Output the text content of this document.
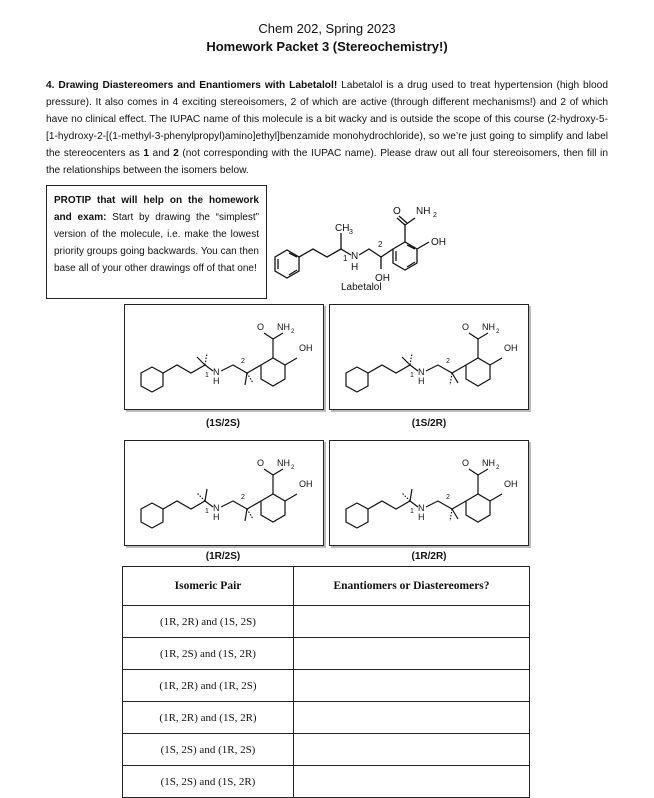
Chem 202, Spring 2023
Homework Packet 3 (Stereochemistry!)
4. Drawing Diastereomers and Enantiomers with Labetalol! Labetalol is a drug used to treat hypertension (high blood pressure). It also comes in 4 exciting stereoisomers, 2 of which are active (through different mechanisms!) and 2 of which have no clinical effect. The IUPAC name of this molecule is a bit wacky and is outside the scope of this course (2-hydroxy-5-[1-hydroxy-2-[(1-methyl-3-phenylpropyl)amino]ethyl]benzamide monohydrochloride), so we’re just going to simplify and label the stereocenters as 1 and 2 (not corresponding with the IUPAC name). Please draw out all four stereoisomers, then fill in the relationships between the isomers below.
PROTIP that will help on the homework and exam: Start by drawing the “simplest” version of the molecule, i.e. make the lowest priority groups going backwards. You can then base all of your other drawings off of that one!
O NH 2
OH
CH 3
N
H
1
2
OH
Labetalol
O NH 2
OH
N
H
1
2
O NH 2
OH
N
H
1
2
O NH 2
OH
N
H
1
2
O NH 2
OH
N
H
1
2
(1S/2S)	(1S/2R)
(1R/2S)	(1R/2R)
Isomeric Pair	Enantiomers or Diastereomers?
(1R, 2R) and (1S, 2S)	
(1R, 2S) and (1S, 2R)	
(1R, 2R) and (1R, 2S)	
(1R, 2R) and (1S, 2R)	
(1S, 2S) and (1R, 2S)	
(1S, 2S) and (1S, 2R)	
